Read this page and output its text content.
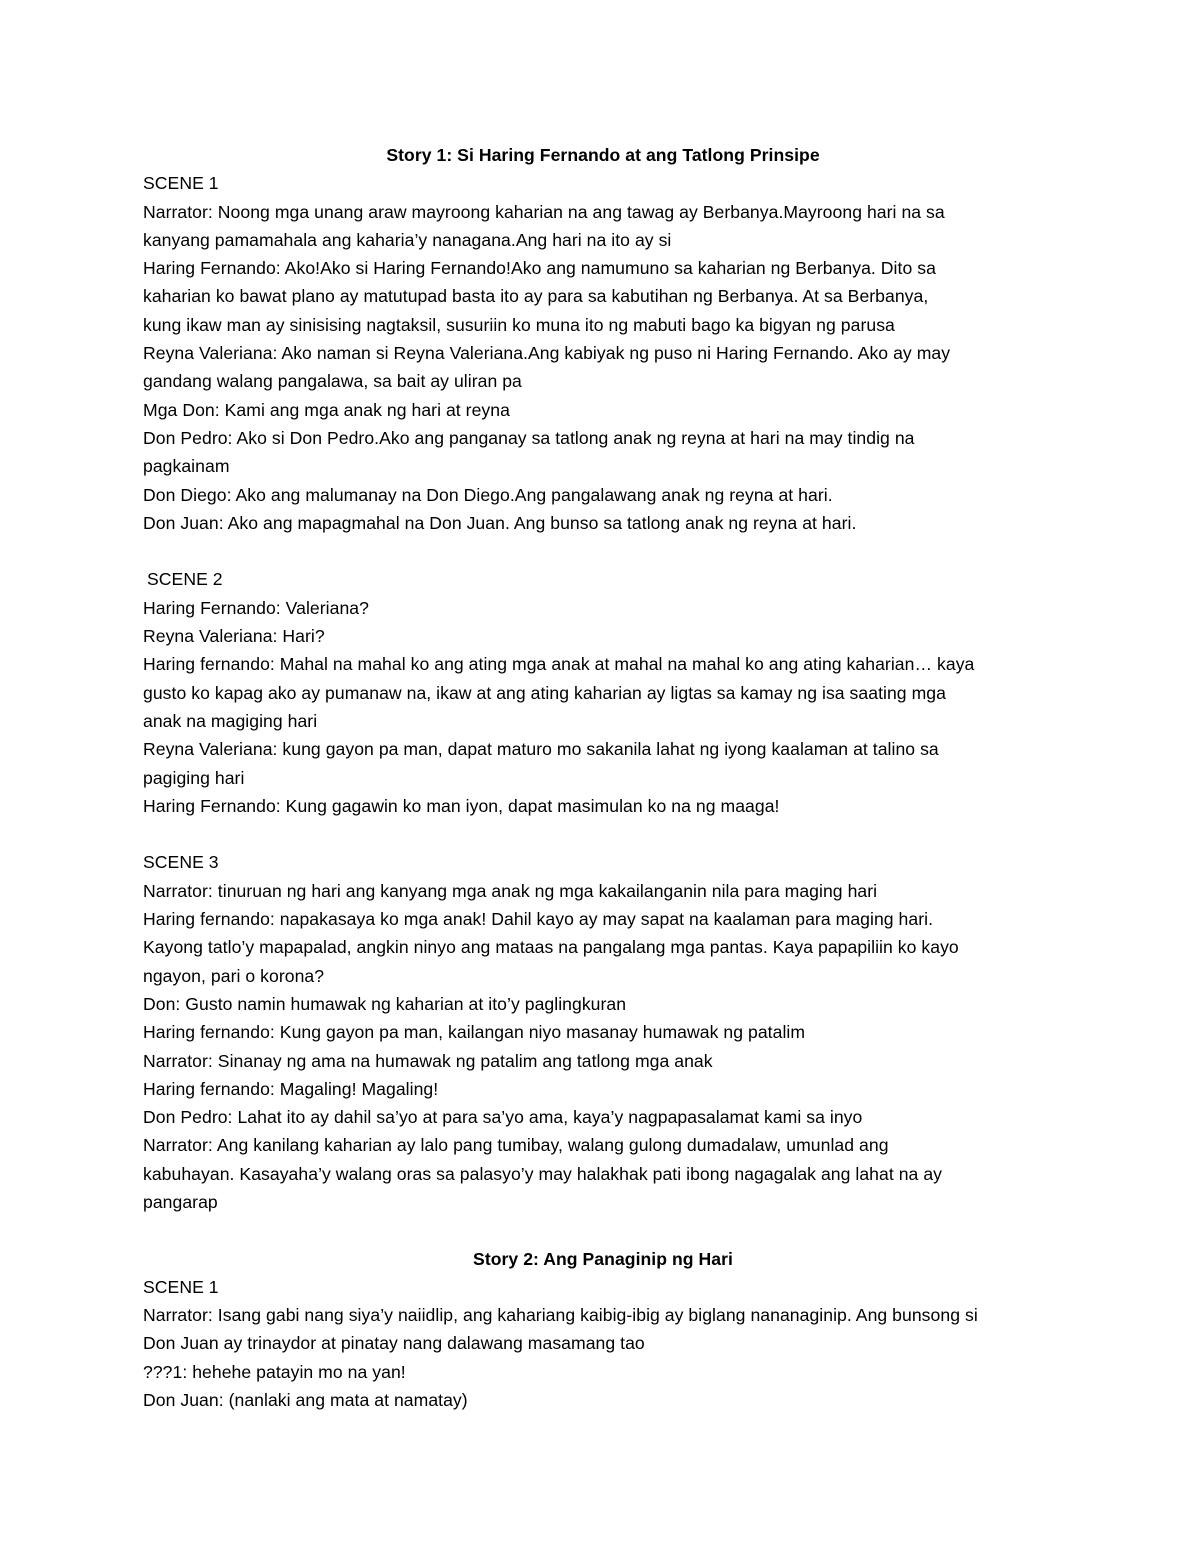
Story 1: Si Haring Fernando at ang Tatlong Prinsipe
SCENE 1
Narrator: Noong mga unang araw mayroong kaharian na ang tawag ay Berbanya.Mayroong hari na sa
kanyang pamamahala ang kaharia’y nanagana.Ang hari na ito ay si
Haring Fernando: Ako!Ako si Haring Fernando!Ako ang namumuno sa kaharian ng Berbanya. Dito sa
kaharian ko bawat plano ay matutupad basta ito ay para sa kabutihan ng Berbanya. At sa Berbanya,
kung ikaw man ay sinisising nagtaksil, susuriin ko muna ito ng mabuti bago ka bigyan ng parusa
Reyna Valeriana: Ako naman si Reyna Valeriana.Ang kabiyak ng puso ni Haring Fernando. Ako ay may
gandang walang pangalawa, sa bait ay uliran pa
Mga Don: Kami ang mga anak ng hari at reyna
Don Pedro: Ako si Don Pedro.Ako ang panganay sa tatlong anak ng reyna at hari na may tindig na
pagkainam
Don Diego: Ako ang malumanay na Don Diego.Ang pangalawang anak ng reyna at hari.
Don Juan: Ako ang mapagmahal na Don Juan. Ang bunso sa tatlong anak ng reyna at hari.
SCENE 2
Haring Fernando: Valeriana?
Reyna Valeriana: Hari?
Haring fernando: Mahal na mahal ko ang ating mga anak at mahal na mahal ko ang ating kaharian… kaya
gusto ko kapag ako ay pumanaw na, ikaw at ang ating kaharian ay ligtas sa kamay ng isa saating mga
anak na magiging hari
Reyna Valeriana: kung gayon pa man, dapat maturo mo sakanila lahat ng iyong kaalaman at talino sa
pagiging hari
Haring Fernando: Kung gagawin ko man iyon, dapat masimulan ko na ng maaga!
SCENE 3
Narrator: tinuruan ng hari ang kanyang mga anak ng mga kakailanganin nila para maging hari
Haring fernando: napakasaya ko mga anak! Dahil kayo ay may sapat na kaalaman para maging hari.
Kayong tatlo’y mapapalad, angkin ninyo ang mataas na pangalang mga pantas. Kaya papapiliin ko kayo
ngayon, pari o korona?
Don: Gusto namin humawak ng kaharian at ito’y paglingkuran
Haring fernando: Kung gayon pa man, kailangan niyo masanay humawak ng patalim
Narrator: Sinanay ng ama na humawak ng patalim ang tatlong mga anak
Haring fernando: Magaling! Magaling!
Don Pedro: Lahat ito ay dahil sa’yo at para sa’yo ama, kaya’y nagpapasalamat kami sa inyo
Narrator: Ang kanilang kaharian ay lalo pang tumibay, walang gulong dumadalaw, umunlad ang
kabuhayan. Kasayaha’y walang oras sa palasyo’y may halakhak pati ibong nagagalak ang lahat na ay
pangarap
Story 2: Ang Panaginip ng Hari
SCENE 1
Narrator: Isang gabi nang siya’y naiidlip, ang kahariang kaibig-ibig ay biglang nananaginip. Ang bunsong si
Don Juan ay trinaydor at pinatay nang dalawang masamang tao
???1: hehehe patayin mo na yan!
Don Juan: (nanlaki ang mata at namatay)
